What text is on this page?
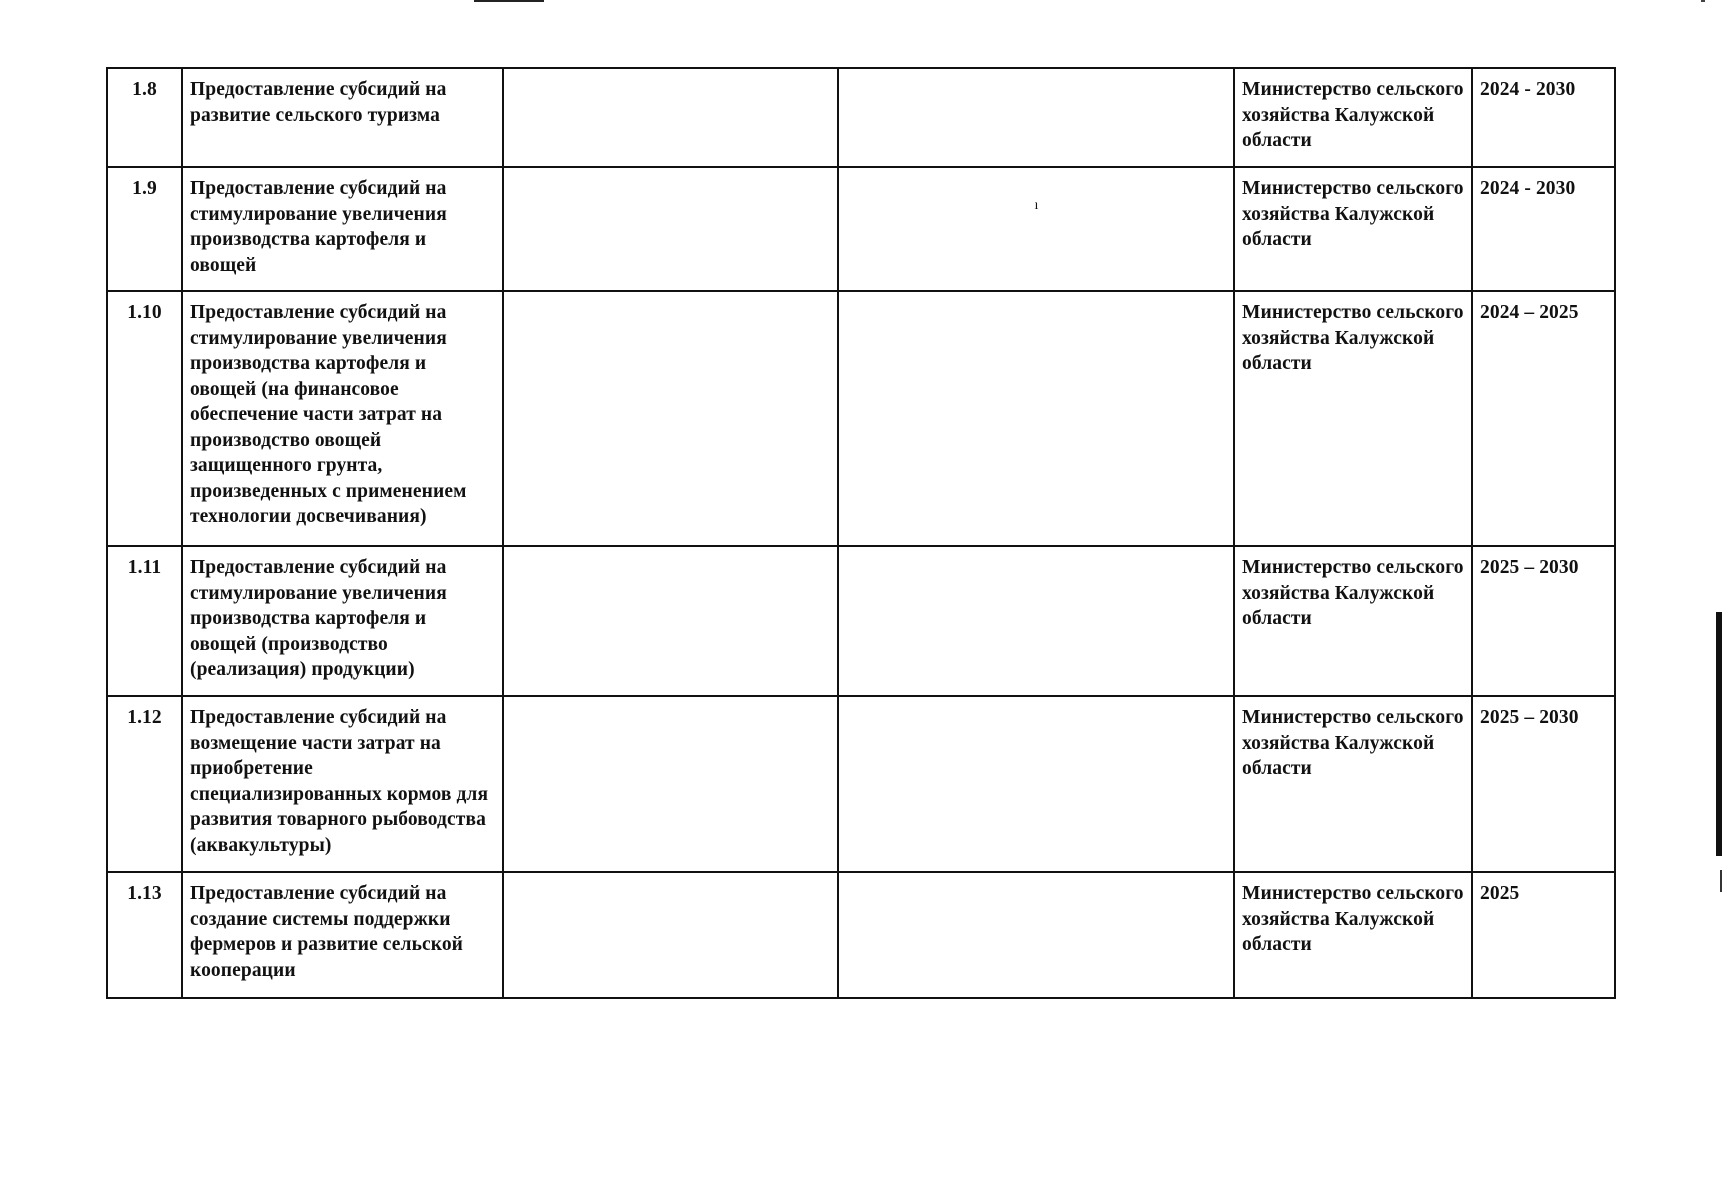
1.8	Предоставление субсидий на развитие сельского туризма			Министерство сельского хозяйства Калужской области	2024 - 2030
1.9	Предоставление субсидий на стимулирование увеличения производства картофеля и овощей		ı	Министерство сельского хозяйства Калужской области	2024 - 2030
1.10	Предоставление субсидий на стимулирование увеличения производства картофеля и овощей (на финансовое обеспечение части затрат на производство овощей защищенного грунта, произведенных с применением технологии досвечивания)			Министерство сельского хозяйства Калужской области	2024 – 2025
1.11	Предоставление субсидий на стимулирование увеличения производства картофеля и овощей (производство (реализация) продукции)			Министерство сельского хозяйства Калужской области	2025 – 2030
1.12	Предоставление субсидий на возмещение части затрат на приобретение специализированных кормов для развития товарного рыбоводства (аквакультуры)			Министерство сельского хозяйства Калужской области	2025 – 2030
1.13	Предоставление субсидий на создание системы поддержки фермеров и развитие сельской кооперации			Министерство сельского хозяйства Калужской области	2025
